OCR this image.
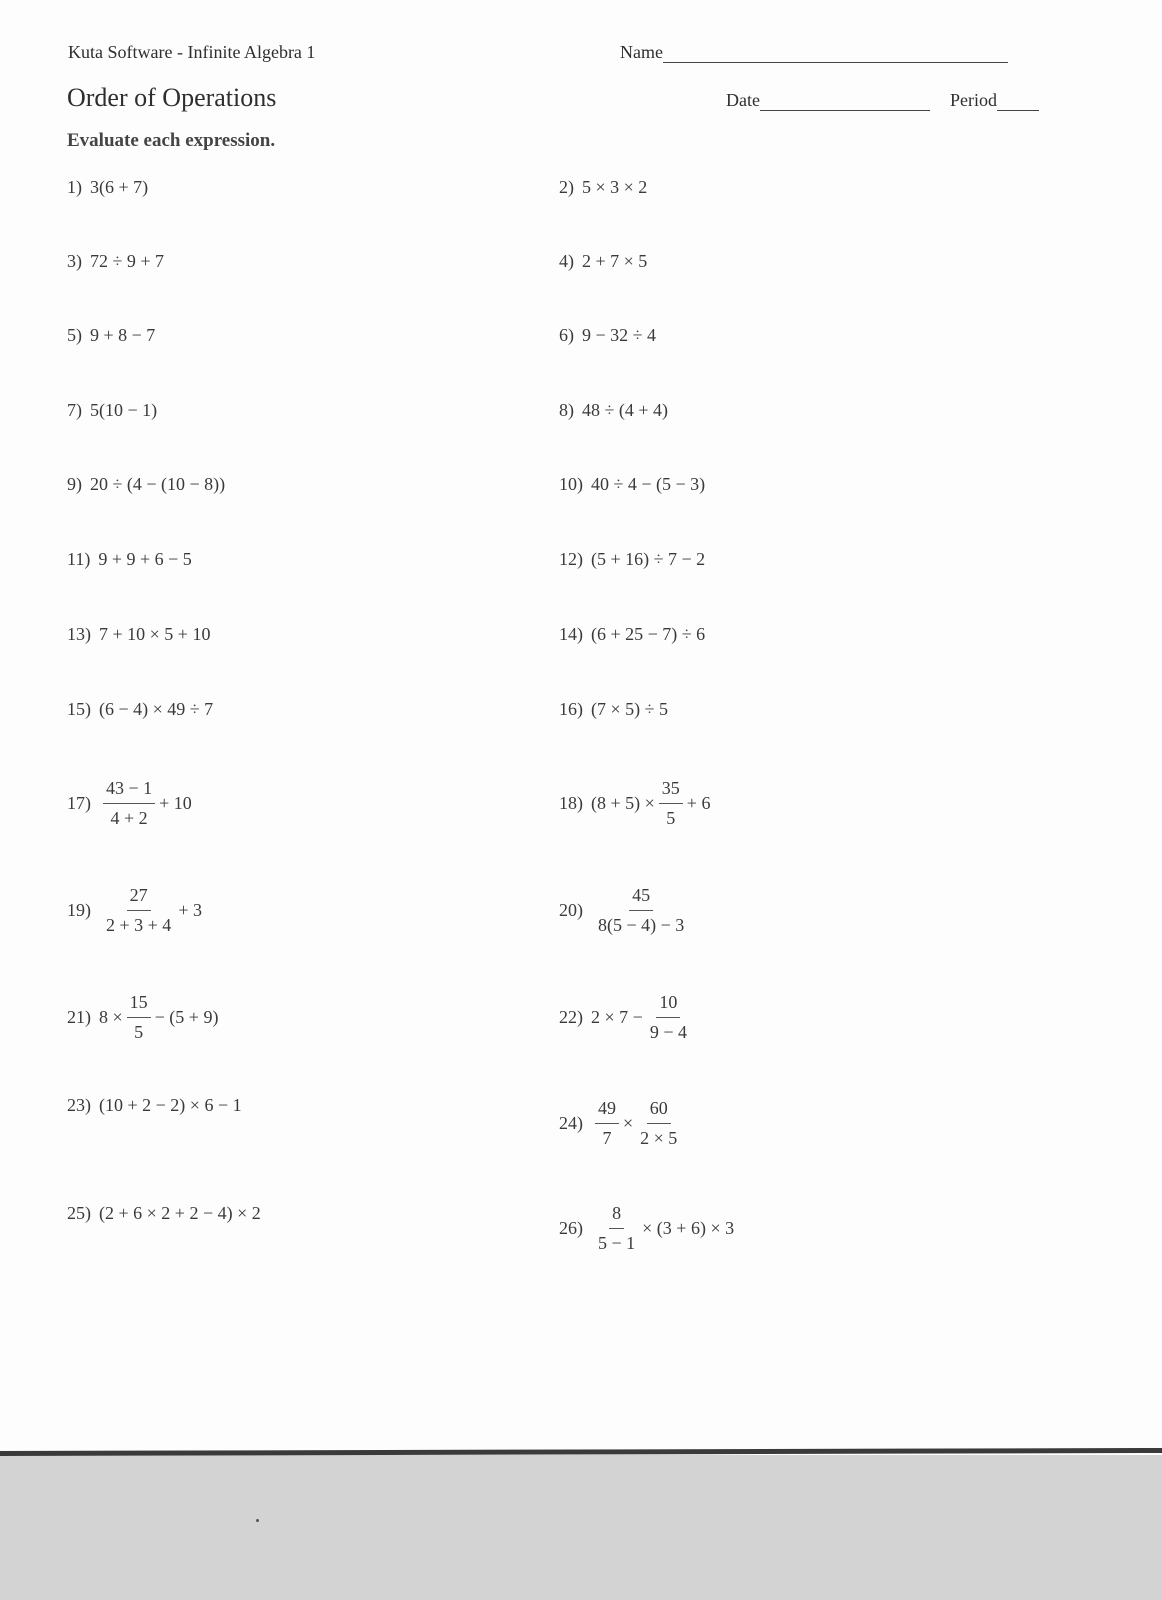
Kuta Software - Infinite Algebra 1
Order of Operations
Evaluate each expression.
Name
Date	Period
1) 3(6 + 7)	2) 5 × 3 × 2
3) 72 ÷ 9 + 7	4) 2 + 7 × 5
5) 9 + 8 − 7	6) 9 − 32 ÷ 4
7) 5(10 − 1)	8) 48 ÷ (4 + 4)
9) 20 ÷ (4 − (10 − 8))	10) 40 ÷ 4 − (5 − 3)
11) 9 + 9 + 6 − 5	12) (5 + 16) ÷ 7 − 2
13) 7 + 10 × 5 + 10	14) (6 + 25 − 7) ÷ 6
15) (6 − 4) × 49 ÷ 7	16) (7 × 5) ÷ 5
$17) \frac{43 - 1}{4 + 2} + 10$	18) $(8 + 5) \times \frac{35}{5} + 6$
$19) \frac{27}{2 + 3 + 4} + 3$	$20) \frac{45}{8(5 - 4) - 3}$
21) $8 \times \frac{15}{5} - (5 + 9)$	22) $2 \times 7 - \frac{10}{9 - 4}$
23) (10 + 2 − 2) × 6 − 1
$24) \frac{49}{7} \times \frac{60}{2 \times 5}$
25) (2 + 6 × 2 + 2 − 4) × 2
$26) \frac{8}{5 - 1} \times (3 + 6) \times 3$
